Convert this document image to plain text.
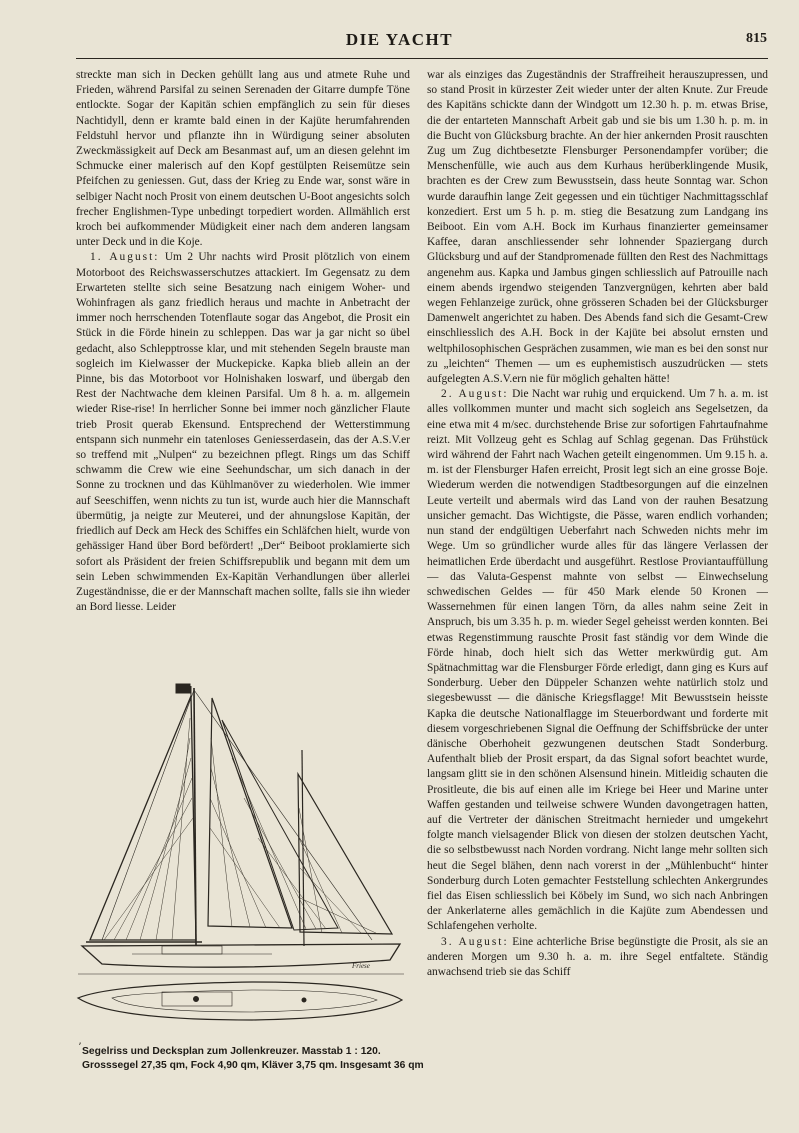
DIE YACHT	815

streckte man sich in Decken gehüllt lang aus und atmete Ruhe und Frieden, während Parsifal zu seinen Serenaden der Gitarre dumpfe Töne entlockte. Sogar der Kapitän schien empfänglich zu sein für dieses Nachtidyll, denn er kramte bald einen in der Kajüte herumfahrenden Feldstuhl hervor und pflanzte ihn in Würdigung seiner absoluten Zweckmässigkeit auf Deck am Besanmast auf, um an diesen gelehnt im Schmucke einer malerisch auf den Kopf gestülpten Reisemütze sein Pfeifchen zu geniessen. Gut, dass der Krieg zu Ende war, sonst wäre in selbiger Nacht noch Prosit von einem deutschen U-Boot angesichts solch frecher Englishmen-Type unbedingt torpediert worden. Allmählich erst kroch bei aufkommender Müdigkeit einer nach dem anderen langsam unter Deck und in die Koje.

1. August: Um 2 Uhr nachts wird Prosit plötzlich von einem Motorboot des Reichswasserschutzes attackiert. Im Gegensatz zu dem Erwarteten stellte sich seine Besatzung nach einigem Woher- und Wohinfragen als ganz friedlich heraus und machte in Anbetracht der immer noch herrschenden Totenflaute sogar das Angebot, die Prosit ein Stück in die Förde hinein zu schleppen. Das war ja gar nicht so übel gedacht, also Schlepptrosse klar, und mit stehenden Segeln brauste man sogleich im Kielwasser der Muckepicke. Kapka blieb allein an der Pinne, bis das Motorboot vor Holnishaken loswarf, und übergab den Rest der Nachtwache dem kleinen Parsifal. Um 8 h. a. m. allgemein wieder Rise-rise! In herrlicher Sonne bei immer noch gänzlicher Flaute trieb Prosit querab Ekensund. Entsprechend der Wetterstimmung entspann sich nunmehr ein tatenloses Geniesserdasein, das der A.S.V.er so treffend mit „Nulpen“ zu bezeichnen pflegt. Rings um das Schiff schwamm die Crew wie eine Seehundschar, um sich danach in der Sonne zu trocknen und das Kühlmanöver zu wiederholen. Wie immer auf Seeschiffen, wenn nichts zu tun ist, wurde auch hier die Mannschaft übermütig, ja neigte zur Meuterei, und der ahnungslose Kapitän, der friedlich auf Deck am Heck des Schiffes ein Schläfchen hielt, wurde von gehässiger Hand über Bord befördert! „Der“ Beiboot proklamierte sich sofort als Präsident der freien Schiffsrepublik und begann mit dem um sein Leben schwimmenden Ex-Kapitän Verhandlungen über allerlei Zugeständnisse, die er der Mannschaft machen sollte, falls sie ihn wieder an Bord liesse. Leider

war als einziges das Zugeständnis der Straffreiheit herauszupressen, und so stand Prosit in kürzester Zeit wieder unter der alten Knute. Zur Freude des Kapitäns schickte dann der Windgott um 12.30 h. p. m. etwas Brise, die der entarteten Mannschaft Arbeit gab und sie bis um 1.30 h. p. m. in die Bucht von Glücksburg brachte. An der hier ankernden Prosit rauschten Zug um Zug dichtbesetzte Flensburger Personendampfer vorüber; die Menschenfülle, wie auch aus dem Kurhaus herüberklingende Musik, brachten es der Crew zum Bewusstsein, dass heute Sonntag war. Schon wurde daraufhin lange Zeit gegessen und ein tüchtiger Nachmittagsschlaf konzediert. Erst um 5 h. p. m. stieg die Besatzung zum Landgang ins Beiboot. Ein vom A.H. Bock im Kurhaus finanzierter gemeinsamer Kaffee, daran anschliessender sehr lohnender Spaziergang durch Glücksburg und auf der Standpromenade füllten den Rest des Nachmittags angenehm aus. Kapka und Jambus gingen schliesslich auf Patrouille nach einem abends irgendwo steigenden Tanzvergnügen, kehrten aber bald wegen Fehlanzeige zurück, ohne grösseren Schaden bei der Glücksburger Damenwelt angerichtet zu haben. Des Abends fand sich die Gesamt-Crew einschliesslich des A.H. Bock in der Kajüte bei absolut ernsten und weltphilosophischen Gesprächen zusammen, wie man es bei den sonst nur zu „leichten“ Themen — um es euphemistisch auszudrücken — stets aufgelegten A.S.V.ern nie für möglich gehalten hätte!

2. August: Die Nacht war ruhig und erquickend. Um 7 h. a. m. ist alles vollkommen munter und macht sich sogleich ans Segelsetzen, da eine etwa mit 4 m/sec. durchstehende Brise zur sofortigen Fahrtaufnahme reizt. Mit Vollzeug geht es Schlag auf Schlag gegenan. Das Frühstück wird während der Fahrt nach Wachen geteilt eingenommen. Um 9.15 h. a. m. ist der Flensburger Hafen erreicht, Prosit legt sich an eine grosse Boje. Wiederum werden die notwendigen Stadtbesorgungen auf die einzelnen Leute verteilt und abermals wird das Land von der rauhen Besatzung unsicher gemacht. Das Wichtigste, die Pässe, waren endlich vorhanden; nun stand der endgültigen Ueberfahrt nach Schweden nichts mehr im Wege. Um so gründlicher wurde alles für das längere Verlassen der heimatlichen Erde überdacht und ausgeführt. Restlose Proviantauffüllung — das Valuta-Gespenst mahnte von selbst — Einwechselung schwedischen Geldes — für 450 Mark elende 50 Kronen — Wassernehmen für einen langen Törn, da alles nahm seine Zeit in Anspruch, bis um 3.35 h. p. m. wieder Segel geheisst werden konnten. Bei etwas Regenstimmung rauschte Prosit fast ständig vor dem Winde die Förde hinab, doch hielt sich das Wetter merkwürdig gut. Am Spätnachmittag war die Flensburger Förde erledigt, dann ging es Kurs auf Sonderburg. Ueber den Düppeler Schanzen wehte natürlich stolz und siegesbewusst — die dänische Kriegsflagge! Mit Bewusstsein heisste Kapka die deutsche Nationalflagge im Steuerbordwant und forderte mit diesem vorgeschriebenen Signal die Oeffnung der Schiffsbrücke der unter dänische Oberhoheit gezwungenen deutschen Stadt Sonderburg. Aufenthalt blieb der Prosit erspart, da das Signal sofort beachtet wurde, langsam glitt sie in den schönen Alsensund hinein. Mitleidig schauten die Prositleute, die bis auf einen alle im Kriege bei Heer und Marine unter Waffen gestanden und teilweise schwere Wunden davongetragen hatten, auf die Vertreter der dänischen Streitmacht hernieder und umgekehrt folgte manch vielsagender Blick von diesen der stolzen deutschen Yacht, die so selbstbewusst nach Norden vordrang. Nicht lange mehr sollten sich heut die Segel blähen, denn nach vorerst in der „Mühlenbucht“ hinter Sonderburg durch Loten gemachter Feststellung schlechten Ankergrundes fiel das Eisen schliesslich bei Köbely im Sund, wo sich nach Anbringen der Ankerlaterne alles gemächlich in die Kajüte zum Abendessen und Schlafengehen verholte.

3. August: Eine achterliche Brise begünstigte die Prosit, als sie an anderen Morgen um 9.30 h. a. m. ihre Segel entfaltete. Ständig anwachsend trieb sie das Schiff

Friese
ʼ Segelriss und Decksplan zum Jollenkreuzer. Masstab 1 : 120.
Grosssegel 27,35 qm, Fock 4,90 qm, Kläver 3,75 qm. Insgesamt 36 qm
